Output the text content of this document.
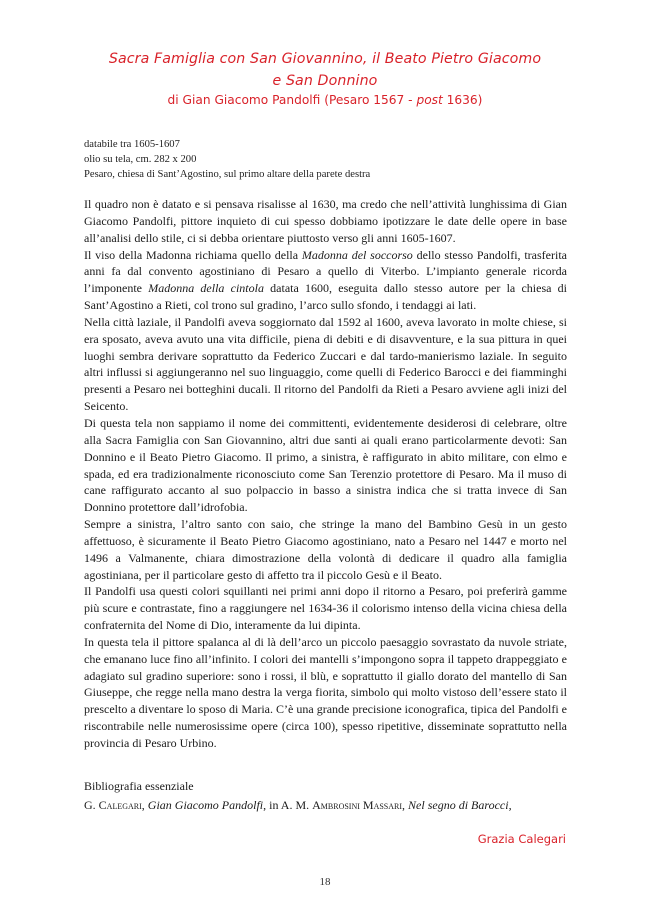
Sacra Famiglia con San Giovannino, il Beato Pietro Giacomo
e San Donnino
di Gian Giacomo Pandolfi (Pesaro 1567 - post 1636)
databile tra 1605-1607
olio su tela, cm. 282 x 200
Pesaro, chiesa di Sant’Agostino, sul primo altare della parete destra

Il quadro non è datato e si pensava risalisse al 1630, ma credo che nell’attività lunghissima di Gian Giacomo Pandolfi, pittore inquieto di cui spesso dobbiamo ipotizzare le date delle opere in base all’analisi dello stile, ci si debba orientare piuttosto verso gli anni 1605-1607.

Il viso della Madonna richiama quello della Madonna del soccorso dello stesso Pandolfi, trasferita anni fa dal convento agostiniano di Pesaro a quello di Viterbo. L’impianto generale ricorda l’imponente Madonna della cintola datata 1600, eseguita dallo stesso autore per la chiesa di Sant’Agostino a Rieti, col trono sul gradino, l’arco sullo sfondo, i tendaggi ai lati.

Nella città laziale, il Pandolfi aveva soggiornato dal 1592 al 1600, aveva lavorato in molte chiese, si era sposato, aveva avuto una vita difficile, piena di debiti e di disavventure, e la sua pittura in quei luoghi sembra derivare soprattutto da Federico Zuccari e dal tardo-manierismo laziale. In seguito altri influssi si aggiungeranno nel suo linguaggio, come quelli di Federico Barocci e dei fiamminghi presenti a Pesaro nei botteghini ducali. Il ritorno del Pandolfi da Rieti a Pesaro avviene agli inizi del Seicento.

Di questa tela non sappiamo il nome dei committenti, evidentemente desiderosi di celebrare, oltre alla Sacra Famiglia con San Giovannino, altri due santi ai quali erano particolarmente devoti: San Donnino e il Beato Pietro Giacomo. Il primo, a sinistra, è raffigurato in abito militare, con elmo e spada, ed era tradizionalmente riconosciuto come San Terenzio protettore di Pesaro. Ma il muso di cane raffigurato accanto al suo polpaccio in basso a sinistra indica che si tratta invece di San Donnino protettore dall’idrofobia.

Sempre a sinistra, l’altro santo con saio, che stringe la mano del Bambino Gesù in un gesto affettuoso, è sicuramente il Beato Pietro Giacomo agostiniano, nato a Pesaro nel 1447 e morto nel 1496 a Valmanente, chiara dimostrazione della volontà di dedicare il quadro alla famiglia agostiniana, per il particolare gesto di affetto tra il piccolo Gesù e il Beato.

Il Pandolfi usa questi colori squillanti nei primi anni dopo il ritorno a Pesaro, poi preferirà gamme più scure e contrastate, fino a raggiungere nel 1634-36 il colorismo intenso della vicina chiesa della confraternita del Nome di Dio, interamente da lui dipinta.

In questa tela il pittore spalanca al di là dell’arco un piccolo paesaggio sovrastato da nuvole striate, che emanano luce fino all’infinito. I colori dei mantelli s’impongono sopra il tappeto drappeggiato e adagiato sul gradino superiore: sono i rossi, il blù, e soprattutto il giallo dorato del mantello di San Giuseppe, che regge nella mano destra la verga fiorita, simbolo qui molto vistoso dell’essere stato il prescelto a diventare lo sposo di Maria. C’è una grande precisione iconografica, tipica del Pandolfi e riscontrabile nelle numerosissime opere (circa 100), spesso ripetitive, disseminate soprattutto nella provincia di Pesaro Urbino.

Bibliografia essenziale
G. Calegari, Gian Giacomo Pandolfi, in A. M. Ambrosini Massari, Nel segno di Barocci,
Grazia Calegari
18
